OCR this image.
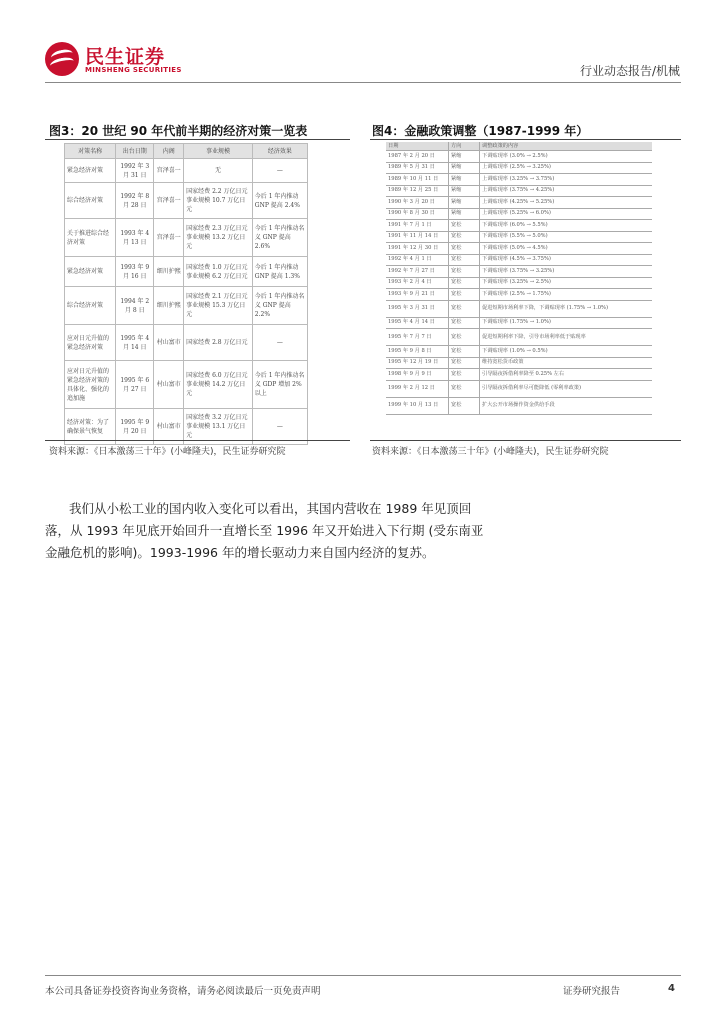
民生证券
MINSHENG SECURITIES	行业动态报告/机械
图3：20 世纪 90 年代前半期的经济对策一览表
对策名称	出台日期	内阁	事业规模	经济效果
紧急经济对策	1992 年 3 月 31 日	宫泽喜一	无	—
综合经济对策	1992 年 8 月 28 日	宫泽喜一	国家经费 2.2 万亿日元 事业规模 10.7 万亿日元	今后 1 年内推动 GNP 提高 2.4%
关于推进综合经济对策	1993 年 4 月 13 日	宫泽喜一	国家经费 2.3 万亿日元 事业规模 13.2 万亿日元	今后 1 年内推动名义 GNP 提高 2.6%
紧急经济对策	1993 年 9 月 16 日	细川护熙	国家经费 1.0 万亿日元 事业规模 6.2 万亿日元	今后 1 年内推动 GNP 提高 1.3%
综合经济对策	1994 年 2 月 8 日	细川护熙	国家经费 2.1 万亿日元 事业规模 15.3 万亿日元	今后 1 年内推动名义 GNP 提高 2.2%
应对日元升值的紧急经济对策	1995 年 4 月 14 日	村山富市	国家经费 2.8 万亿日元	—
应对日元升值的紧急经济对策的具体化、强化的追加施	1995 年 6 月 27 日	村山富市	国家经费 6.0 万亿日元 事业规模 14.2 万亿日元	今后 1 年内推动名义 GDP 增加 2% 以上
经济对策：为了确保景气恢复	1995 年 9 月 20 日	村山富市	国家经费 3.2 万亿日元 事业规模 13.1 万亿日元	—
资料来源：《日本激荡三十年》(小峰隆夫)，民生证券研究院
图4：金融政策调整（1987-1999 年）
日期	方向	调整政策的内容
1987 年 2 月 20 日	紧缩	下调贴现率 (3.0% → 2.5%)
1989 年 5 月 31 日	紧缩	上调贴现率 (2.5% → 3.25%)
1989 年 10 月 11 日	紧缩	上调贴现率 (3.25% → 3.75%)
1989 年 12 月 25 日	紧缩	上调贴现率 (3.75% → 4.25%)
1990 年 3 月 20 日	紧缩	上调贴现率 (4.25% → 5.25%)
1990 年 8 月 30 日	紧缩	上调贴现率 (5.25% → 6.0%)
1991 年 7 月 1 日	宽松	下调贴现率 (6.0% → 5.5%)
1991 年 11 月 14 日	宽松	下调贴现率 (5.5% → 5.0%)
1991 年 12 月 30 日	宽松	下调贴现率 (5.0% → 4.5%)
1992 年 4 月 1 日	宽松	下调贴现率 (4.5% → 3.75%)
1992 年 7 月 27 日	宽松	下调贴现率 (3.75% → 3.25%)
1993 年 2 月 4 日	宽松	下调贴现率 (3.25% → 2.5%)
1993 年 9 月 21 日	宽松	下调贴现率 (2.5% → 1.75%)
1995 年 3 月 31 日	宽松	促进短期市场利率下降，下调贴现率 (1.75% → 1.0%)
1995 年 4 月 14 日	宽松	下调贴现率 (1.75% → 1.0%)
1995 年 7 月 7 日	宽松	促进短期利率下降，引导市场利率低于贴现率
1995 年 9 月 8 日	宽松	下调贴现率 (1.0% → 0.5%)
1995 年 12 月 19 日	宽松	维持宽松货币政策
1998 年 9 月 9 日	宽松	引导隔夜拆借利率降至 0.25% 左右
1999 年 2 月 12 日	宽松	引导隔夜拆借利率尽可能降低 (零利率政策)
1999 年 10 月 13 日	宽松	扩大公开市场操作资金供给手段
资料来源：《日本激荡三十年》(小峰隆夫)，民生证券研究院

我们从小松工业的国内收入变化可以看出，其国内营收在 1989 年见顶回落，从 1993 年见底开始回升一直增长至 1996 年又开始进入下行期 (受东南亚金融危机的影响)。1993-1996 年的增长驱动力来自国内经济的复苏。

本公司具备证券投资咨询业务资格，请务必阅读最后一页免责声明	证券研究报告	4
